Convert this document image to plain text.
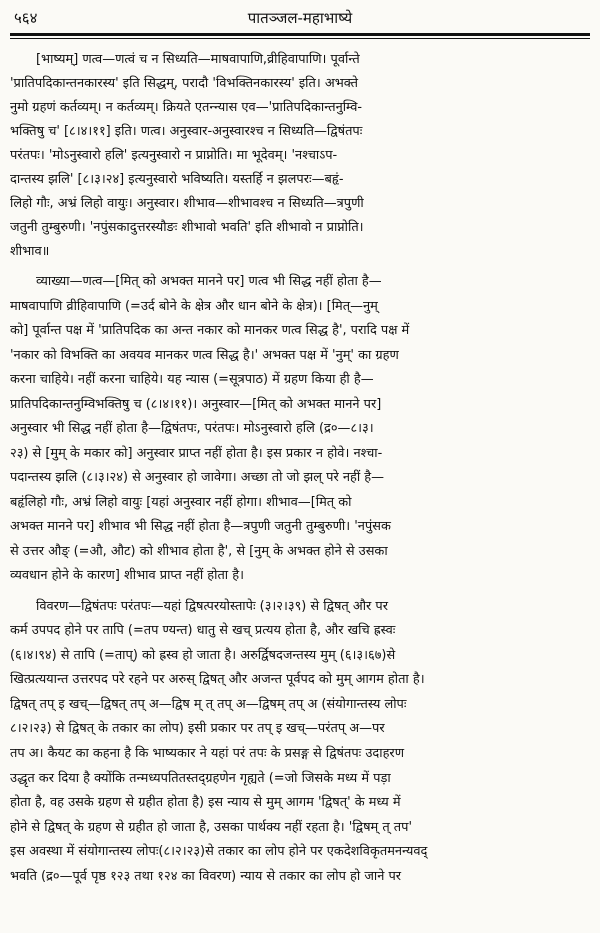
५६४	पातञ्जल-महाभाष्ये
[भाष्यम्] णत्व—णत्वं च न सिध्यति—माषवापाणि,व्रीहिवापाणि। पूर्वान्ते
'प्रातिपदिकान्तनकारस्य' इति सिद्धम्, परादौ 'विभक्तिनकारस्य' इति। अभक्ते
नुमो ग्रहणं कर्तव्यम्। न कर्तव्यम्। क्रियते एतन्न्यास एव—'प्रातिपदिकान्तनुम्वि-
भक्तिषु च' [८।४।११] इति। णत्व। अनुस्वार-अनुस्वारश्च न सिध्यति—द्विषंतपः
परंतपः। 'मोऽनुस्वारो हलि' इत्यनुस्वारो न प्राप्नोति। मा भूदेवम्। 'नश्चाऽप-
दान्तस्य झलि' [८।३।२४] इत्यनुस्वारो भविष्यति। यस्तर्हि न झलपरः—बहृं-
लिहो गौः, अभ्रं लिहो वायुः। अनुस्वार। शीभाव—शीभावश्च न सिध्यति—त्रपुणी
जतुनी तुम्बुरुणी। 'नपुंसकादुत्तरस्यौङः शीभावो भवति' इति शीभावो न प्राप्नोति।
शीभाव॥
व्याख्या—णत्व—[मित् को अभक्त मानने पर] णत्व भी सिद्ध नहीं होता है—
माषवापाणि व्रीहिवापाणि (=उर्द बोने के क्षेत्र और धान बोने के क्षेत्र)। [मित्—नुम्
को] पूर्वान्त पक्ष में 'प्रातिपदिक का अन्त नकार को मानकर णत्व सिद्ध है', परादि पक्ष में
'नकार को विभक्ति का अवयव मानकर णत्व सिद्ध है।' अभक्त पक्ष में 'नुम्' का ग्रहण
करना चाहिये। नहीं करना चाहिये। यह न्यास (=सूत्रपाठ) में ग्रहण किया ही है—
प्रातिपदिकान्तनुम्विभक्तिषु च (८।४।११)। अनुस्वार—[मित् को अभक्त मानने पर]
अनुस्वार भी सिद्ध नहीं होता है—द्विषंतपः, परंतपः। मोऽनुस्वारो हलि (द्र०—८।३।
२३) से [मुम् के मकार को] अनुस्वार प्राप्त नहीं होता है। इस प्रकार न होवे। नश्चा-
पदान्तस्य झलि (८।३।२४) से अनुस्वार हो जावेगा। अच्छा तो जो झल् परे नहीं है—
बहृंलिहो गौः, अभ्रं लिहो वायुः [यहां अनुस्वार नहीं होगा। शीभाव—[मित् को
अभक्त मानने पर] शीभाव भी सिद्ध नहीं होता है—त्रपुणी जतुनी तुम्बुरुणी। 'नपुंसक
से उत्तर औङ् (=औ, औट) को शीभाव होता है', से [नुम् के अभक्त होने से उसका
व्यवधान होने के कारण] शीभाव प्राप्त नहीं होता है।
विवरण—द्विषंतपः परंतपः—यहां द्विषत्परयोस्तापेः (३।२।३९) से द्विषत् और पर
कर्म उपपद होने पर तापि (=तप ण्यन्त) धातु से खच् प्रत्यय होता है, और खचि ह्रस्वः
(६।४।९४) से तापि (=ताप्) को ह्रस्व हो जाता है। अरुर्द्विषदजन्तस्य मुम् (६।३।६७)से
खित्प्रत्ययान्त उत्तरपद परे रहने पर अरुस् द्विषत् और अजन्त पूर्वपद को मुम् आगम होता है।
द्विषत् तप् इ खच्—द्विषत् तप् अ—द्विष म् त् तप् अ—द्विषम् तप् अ (संयोगान्तस्य लोपः
८।२।२३) से द्विषत् के तकार का लोप) इसी प्रकार पर तप् इ खच्—परंतप् अ—पर
तप अ। कैयट का कहना है कि भाष्यकार ने यहां परं तपः के प्रसङ्ग से द्विषंतपः उदाहरण
उद्धृत कर दिया है क्योंकि तन्मध्यपतितस्तद्ग्रहणेन गृह्यते (=जो जिसके मध्य में पड़ा
होता है, वह उसके ग्रहण से ग्रहीत होता है) इस न्याय से मुम् आगम 'द्विषत्' के मध्य में
होने से द्विषत् के ग्रहण से ग्रहीत हो जाता है, उसका पार्थक्य नहीं रहता है। 'द्विषम् त् तप'
इस अवस्था में संयोगान्तस्य लोपः(८।२।२३)से तकार का लोप होने पर एकदेशविकृतमनन्यवद्
भवति (द्र०—पूर्व पृष्ठ १२३ तथा १२४ का विवरण) न्याय से तकार का लोप हो जाने पर
